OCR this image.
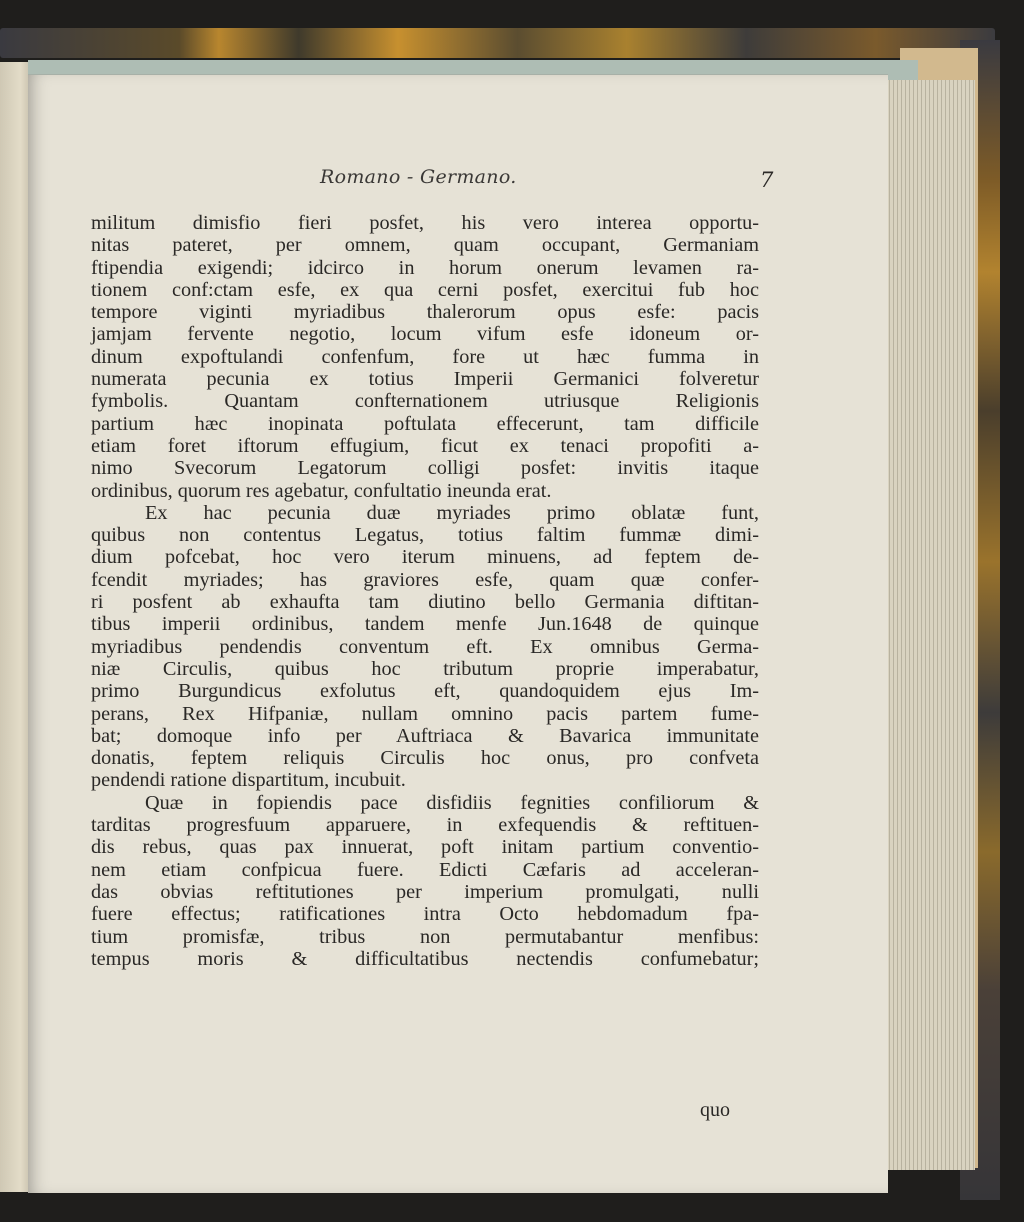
Romano - Germano.	7
militum dimisfio fieri posfet, his vero interea opportu-
nitas pateret, per omnem, quam occupant, Germaniam
ftipendia exigendi; idcirco in horum onerum levamen ra-
tionem conf:ctam esfe, ex qua cerni posfet, exercitui fub hoc
tempore viginti myriadibus thalerorum opus esfe: pacis
jamjam fervente negotio, locum vifum esfe idoneum or-
dinum expoftulandi confenfum, fore ut hæc fumma in
numerata pecunia ex totius Imperii Germanici folveretur
fymbolis. Quantam confternationem utriusque Religionis
partium hæc inopinata poftulata effecerunt, tam difficile
etiam foret iftorum effugium, ficut ex tenaci propofiti a-
nimo Svecorum Legatorum colligi posfet: invitis itaque
ordinibus, quorum res agebatur, confultatio ineunda erat.
Ex hac pecunia duæ myriades primo oblatæ funt,
quibus non contentus Legatus, totius faltim fummæ dimi-
dium pofcebat, hoc vero iterum minuens, ad feptem de-
fcendit myriades; has graviores esfe, quam quæ confer-
ri posfent ab exhaufta tam diutino bello Germania diftitan-
tibus imperii ordinibus, tandem menfe Jun.1648 de quinque
myriadibus pendendis conventum eft. Ex omnibus Germa-
niæ Circulis, quibus hoc tributum proprie imperabatur,
primo Burgundicus exfolutus eft, quandoquidem ejus Im-
perans, Rex Hifpaniæ, nullam omnino pacis partem fume-
bat; domoque info per Auftriaca & Bavarica immunitate
donatis, feptem reliquis Circulis hoc onus, pro confveta
pendendi ratione dispartitum, incubuit.
Quæ in fopiendis pace disfidiis fegnities confiliorum &
tarditas progresfuum apparuere, in exfequendis & reftituen-
dis rebus, quas pax innuerat, poft initam partium conventio-
nem etiam confpicua fuere. Edicti Cæfaris ad acceleran-
das obvias reftitutiones per imperium promulgati, nulli
fuere effectus; ratificationes intra Octo hebdomadum fpa-
tium promisfæ, tribus non permutabantur menfibus:
tempus moris & difficultatibus nectendis confumebatur;
quo
